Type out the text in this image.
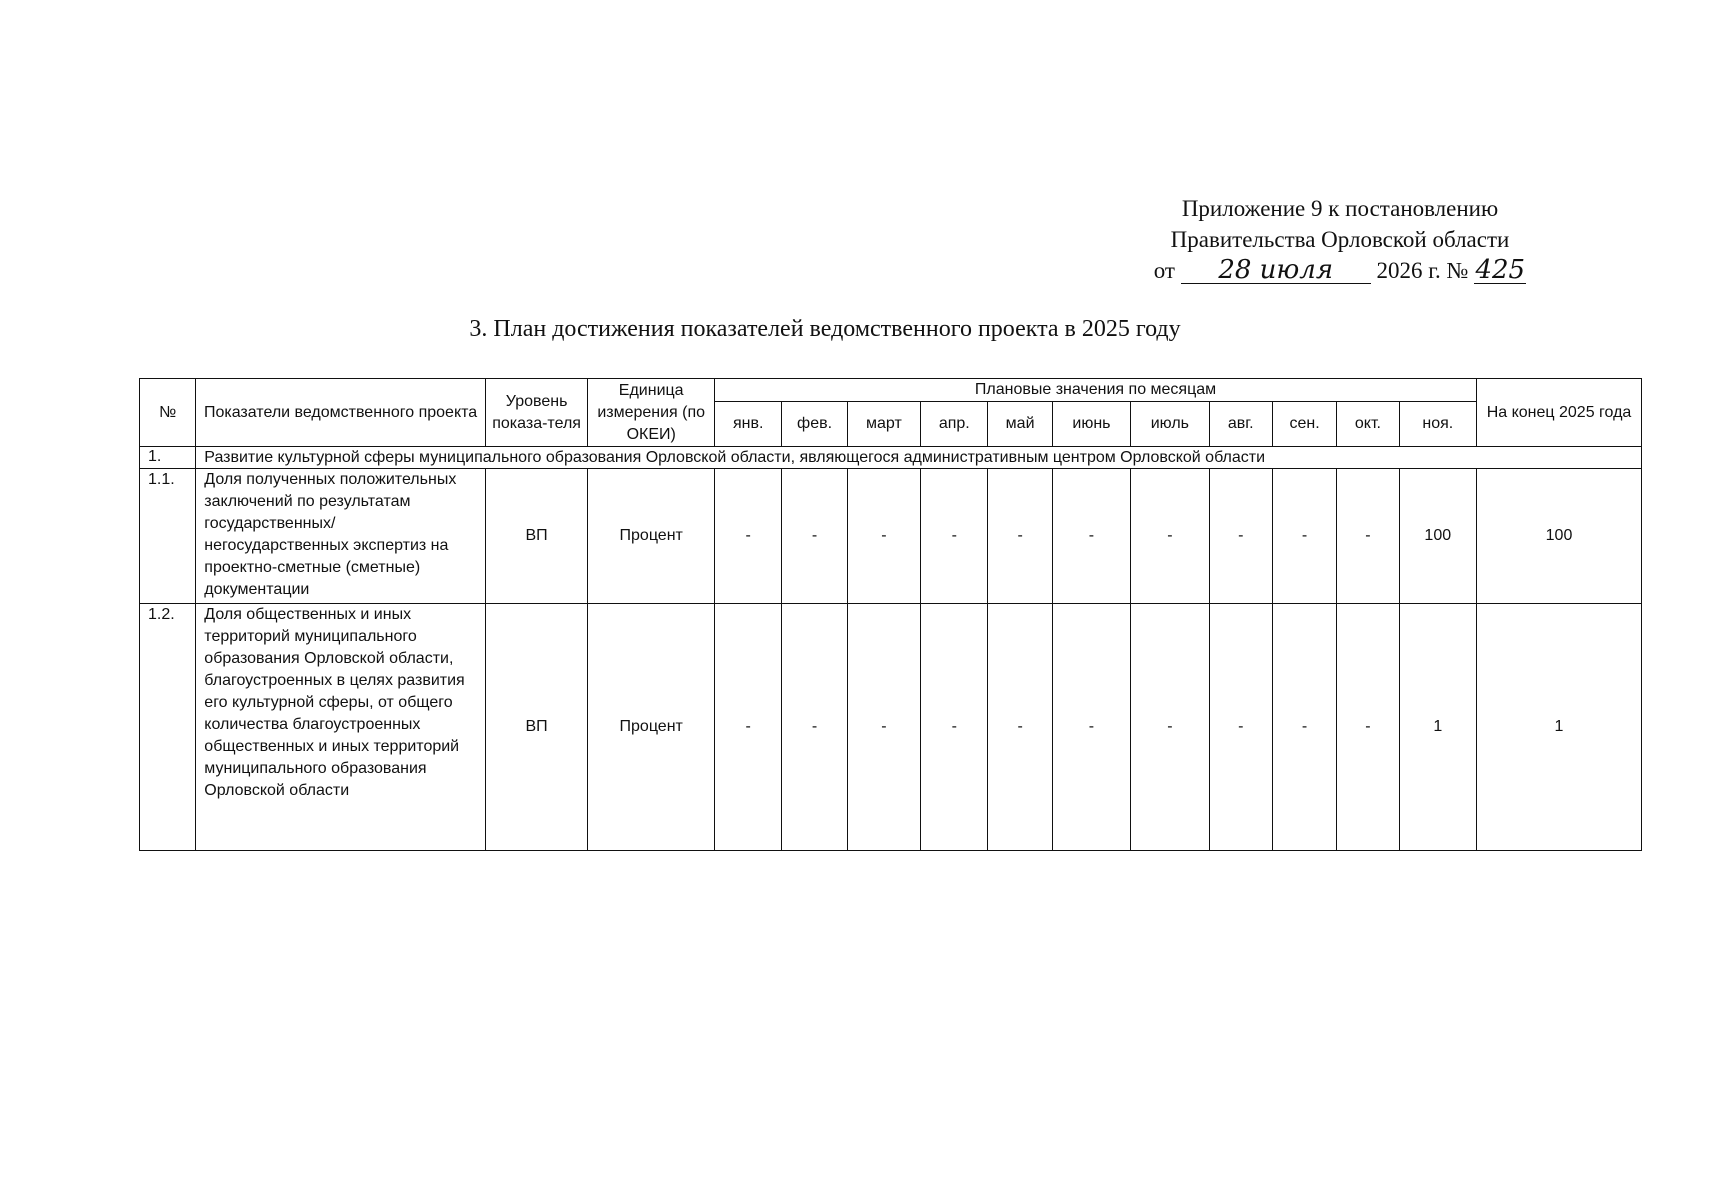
Приложение 9 к постановлению
Правительства Орловской области
от 28 июля 2026 г. № 425
3. План достижения показателей ведомственного проекта в 2025 году
№	Показатели ведомственного проекта	Уровень показа-теля	Единица измерения (по ОКЕИ)	Плановые значения по месяцам											На конец 2025 года
				янв.	фев.	март	апр.	май	июнь	июль	авг.	сен.	окт.	ноя.	
1.	Развитие культурной сферы муниципального образования Орловской области, являющегося административным центром Орловской области														
1.1.	Доля полученных положительных заключений по результатам государственных/ негосударственных экспертиз на проектно-сметные (сметные) документации	ВП	Процент	-	-	-	-	-	-	-	-	-	-	100	100
1.2.	Доля общественных и иных территорий муниципального образования Орловской области, благоустроенных в целях развития его культурной сферы, от общего количества благоустроенных общественных и иных территорий муниципального образования Орловской области	ВП	Процент	-	-	-	-	-	-	-	-	-	-	1	1
